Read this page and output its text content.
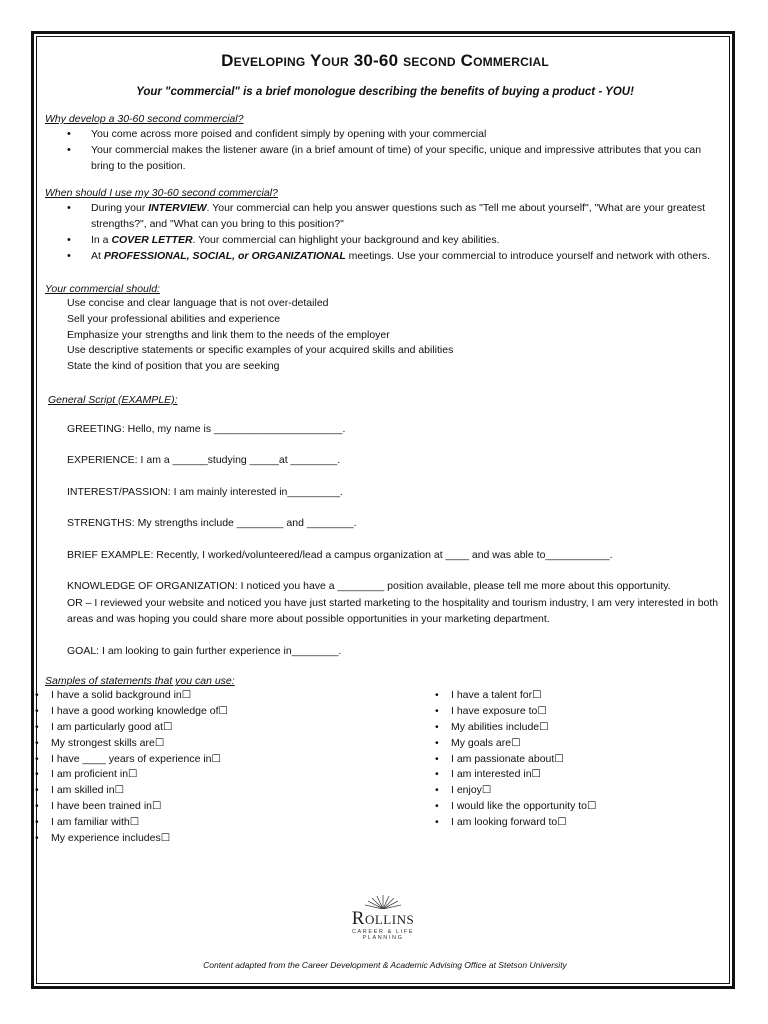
Developing Your 30-60 second Commercial
Your "commercial" is a brief monologue describing the benefits of buying a product - YOU!
Why develop a 30-60 second commercial?
• You come across more poised and confident simply by opening with your commercial
• Your commercial makes the listener aware (in a brief amount of time) of your specific, unique and impressive attributes that you can bring to the position.
When should I use my 30-60 second commercial?
• During your INTERVIEW. Your commercial can help you answer questions such as "Tell me about yourself", "What are your greatest strengths?", and "What can you bring to this position?"
• In a COVER LETTER. Your commercial can highlight your background and key abilities.
• At PROFESSIONAL, SOCIAL, or ORGANIZATIONAL meetings. Use your commercial to introduce yourself and network with others.
Your commercial should:
Use concise and clear language that is not over-detailed
Sell your professional abilities and experience
Emphasize your strengths and link them to the needs of the employer
Use descriptive statements or specific examples of your acquired skills and abilities
State the kind of position that you are seeking
General Script (EXAMPLE):
GREETING: Hello, my name is ______________________.
EXPERIENCE: I am a ______studying _____at ________.
INTEREST/PASSION: I am mainly interested in_________.
STRENGTHS: My strengths include ________ and ________.
BRIEF EXAMPLE: Recently, I worked/volunteered/lead a campus organization at ____ and was able to___________.
KNOWLEDGE OF ORGANIZATION: I noticed you have a ________ position available, please tell me more about this opportunity.
OR – I reviewed your website and noticed you have just started marketing to the hospitality and tourism industry, I am very interested in both areas and was hoping you could share more about possible opportunities in your marketing department.
GOAL: I am looking to gain further experience in________.
Samples of statements that you can use:
• I have a solid background in☐
• I have a good working knowledge of☐
• I am particularly good at☐
• My strongest skills are☐
• I have ____ years of experience in☐
• I am proficient in☐
• I am skilled in☐
• I have been trained in☐
• I am familiar with☐
• My experience includes☐
• I have a talent for☐
• I have exposure to☐
• My abilities include☐
• My goals are☐
• I am passionate about☐
• I am interested in☐
• I enjoy☐
• I would like the opportunity to☐
• I am looking forward to☐
Rollins
CAREER & LIFE
PLANNING
Content adapted from the Career Development & Academic Advising Office at Stetson University
